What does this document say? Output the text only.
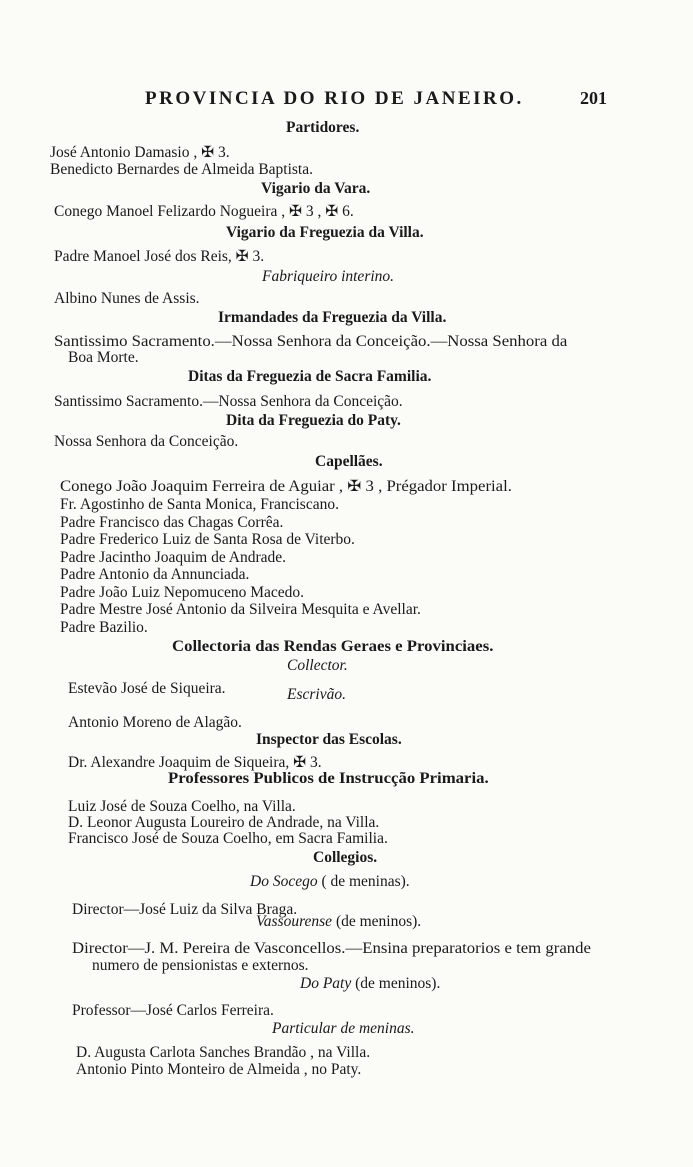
PROVINCIA DO RIO DE JANEIRO.	201
Partidores.
José Antonio Damasio , ✠ 3.
Benedicto Bernardes de Almeida Baptista.
Vigario da Vara.
Conego Manoel Felizardo Nogueira , ✠ 3 , ✠ 6.
Vigario da Freguezia da Villa.
Padre Manoel José dos Reis, ✠ 3.
Fabriqueiro interino.
Albino Nunes de Assis.
Irmandades da Freguezia da Villa.
Santissimo Sacramento.—Nossa Senhora da Conceição.—Nossa Senhora da
Boa Morte.
Ditas da Freguezia de Sacra Familia.
Santissimo Sacramento.—Nossa Senhora da Conceição.
Dita da Freguezia do Paty.
Nossa Senhora da Conceição.
Capellães.
Conego João Joaquim Ferreira de Aguiar , ✠ 3 , Prégador Imperial.
Fr. Agostinho de Santa Monica, Franciscano.
Padre Francisco das Chagas Corrêa.
Padre Frederico Luiz de Santa Rosa de Viterbo.
Padre Jacintho Joaquim de Andrade.
Padre Antonio da Annunciada.
Padre João Luiz Nepomuceno Macedo.
Padre Mestre José Antonio da Silveira Mesquita e Avellar.
Padre Bazilio.
Collectoria das Rendas Geraes e Provinciaes.
Collector.
Estevão José de Siqueira.	Escrivão.
Antonio Moreno de Alagão.
Inspector das Escolas.
Dr. Alexandre Joaquim de Siqueira, ✠ 3.
Professores Publicos de Instrucção Primaria.
Luiz José de Souza Coelho, na Villa.
D. Leonor Augusta Loureiro de Andrade, na Villa.
Francisco José de Souza Coelho, em Sacra Familia.
Collegios.
Do Socego ( de meninas).
Director—José Luiz da Silva Braga.
Vassourense (de meninos).
Director—J. M. Pereira de Vasconcellos.—Ensina preparatorios e tem grande
numero de pensionistas e externos.
Do Paty (de meninos).
Professor—José Carlos Ferreira.
Particular de meninas.
D. Augusta Carlota Sanches Brandão , na Villa.
Antonio Pinto Monteiro de Almeida , no Paty.
